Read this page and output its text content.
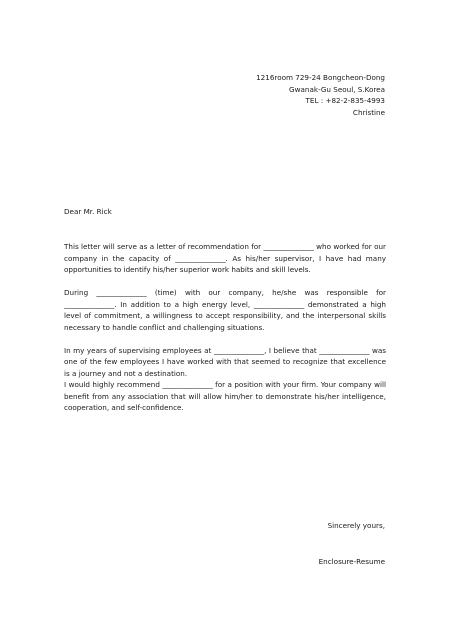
1216room 729-24 Bongcheon-Dong
Gwanak-Gu Seoul, S.Korea
TEL : +82-2-835-4993
Christine
Dear Mr. Rick

This letter will serve as a letter of recommendation for ______________ who worked for our company in the capacity of ______________. As his/her supervisor, I have had many opportunities to identify his/her superior work habits and skill levels.

During ______________ (time) with our company, he/she was responsible for ______________. In addition to a high energy level, ______________ demonstrated a high level of commitment, a willingness to accept responsibility, and the interpersonal skills necessary to handle conflict and challenging situations.

In my years of supervising employees at ______________, I believe that ______________ was one of the few employees I have worked with that seemed to recognize that excellence is a journey and not a destination.

I would highly recommend ______________ for a position with your firm. Your company will benefit from any association that will allow him/her to demonstrate his/her intelligence, cooperation, and self-confidence.

Sincerely yours,
Enclosure-Resume
